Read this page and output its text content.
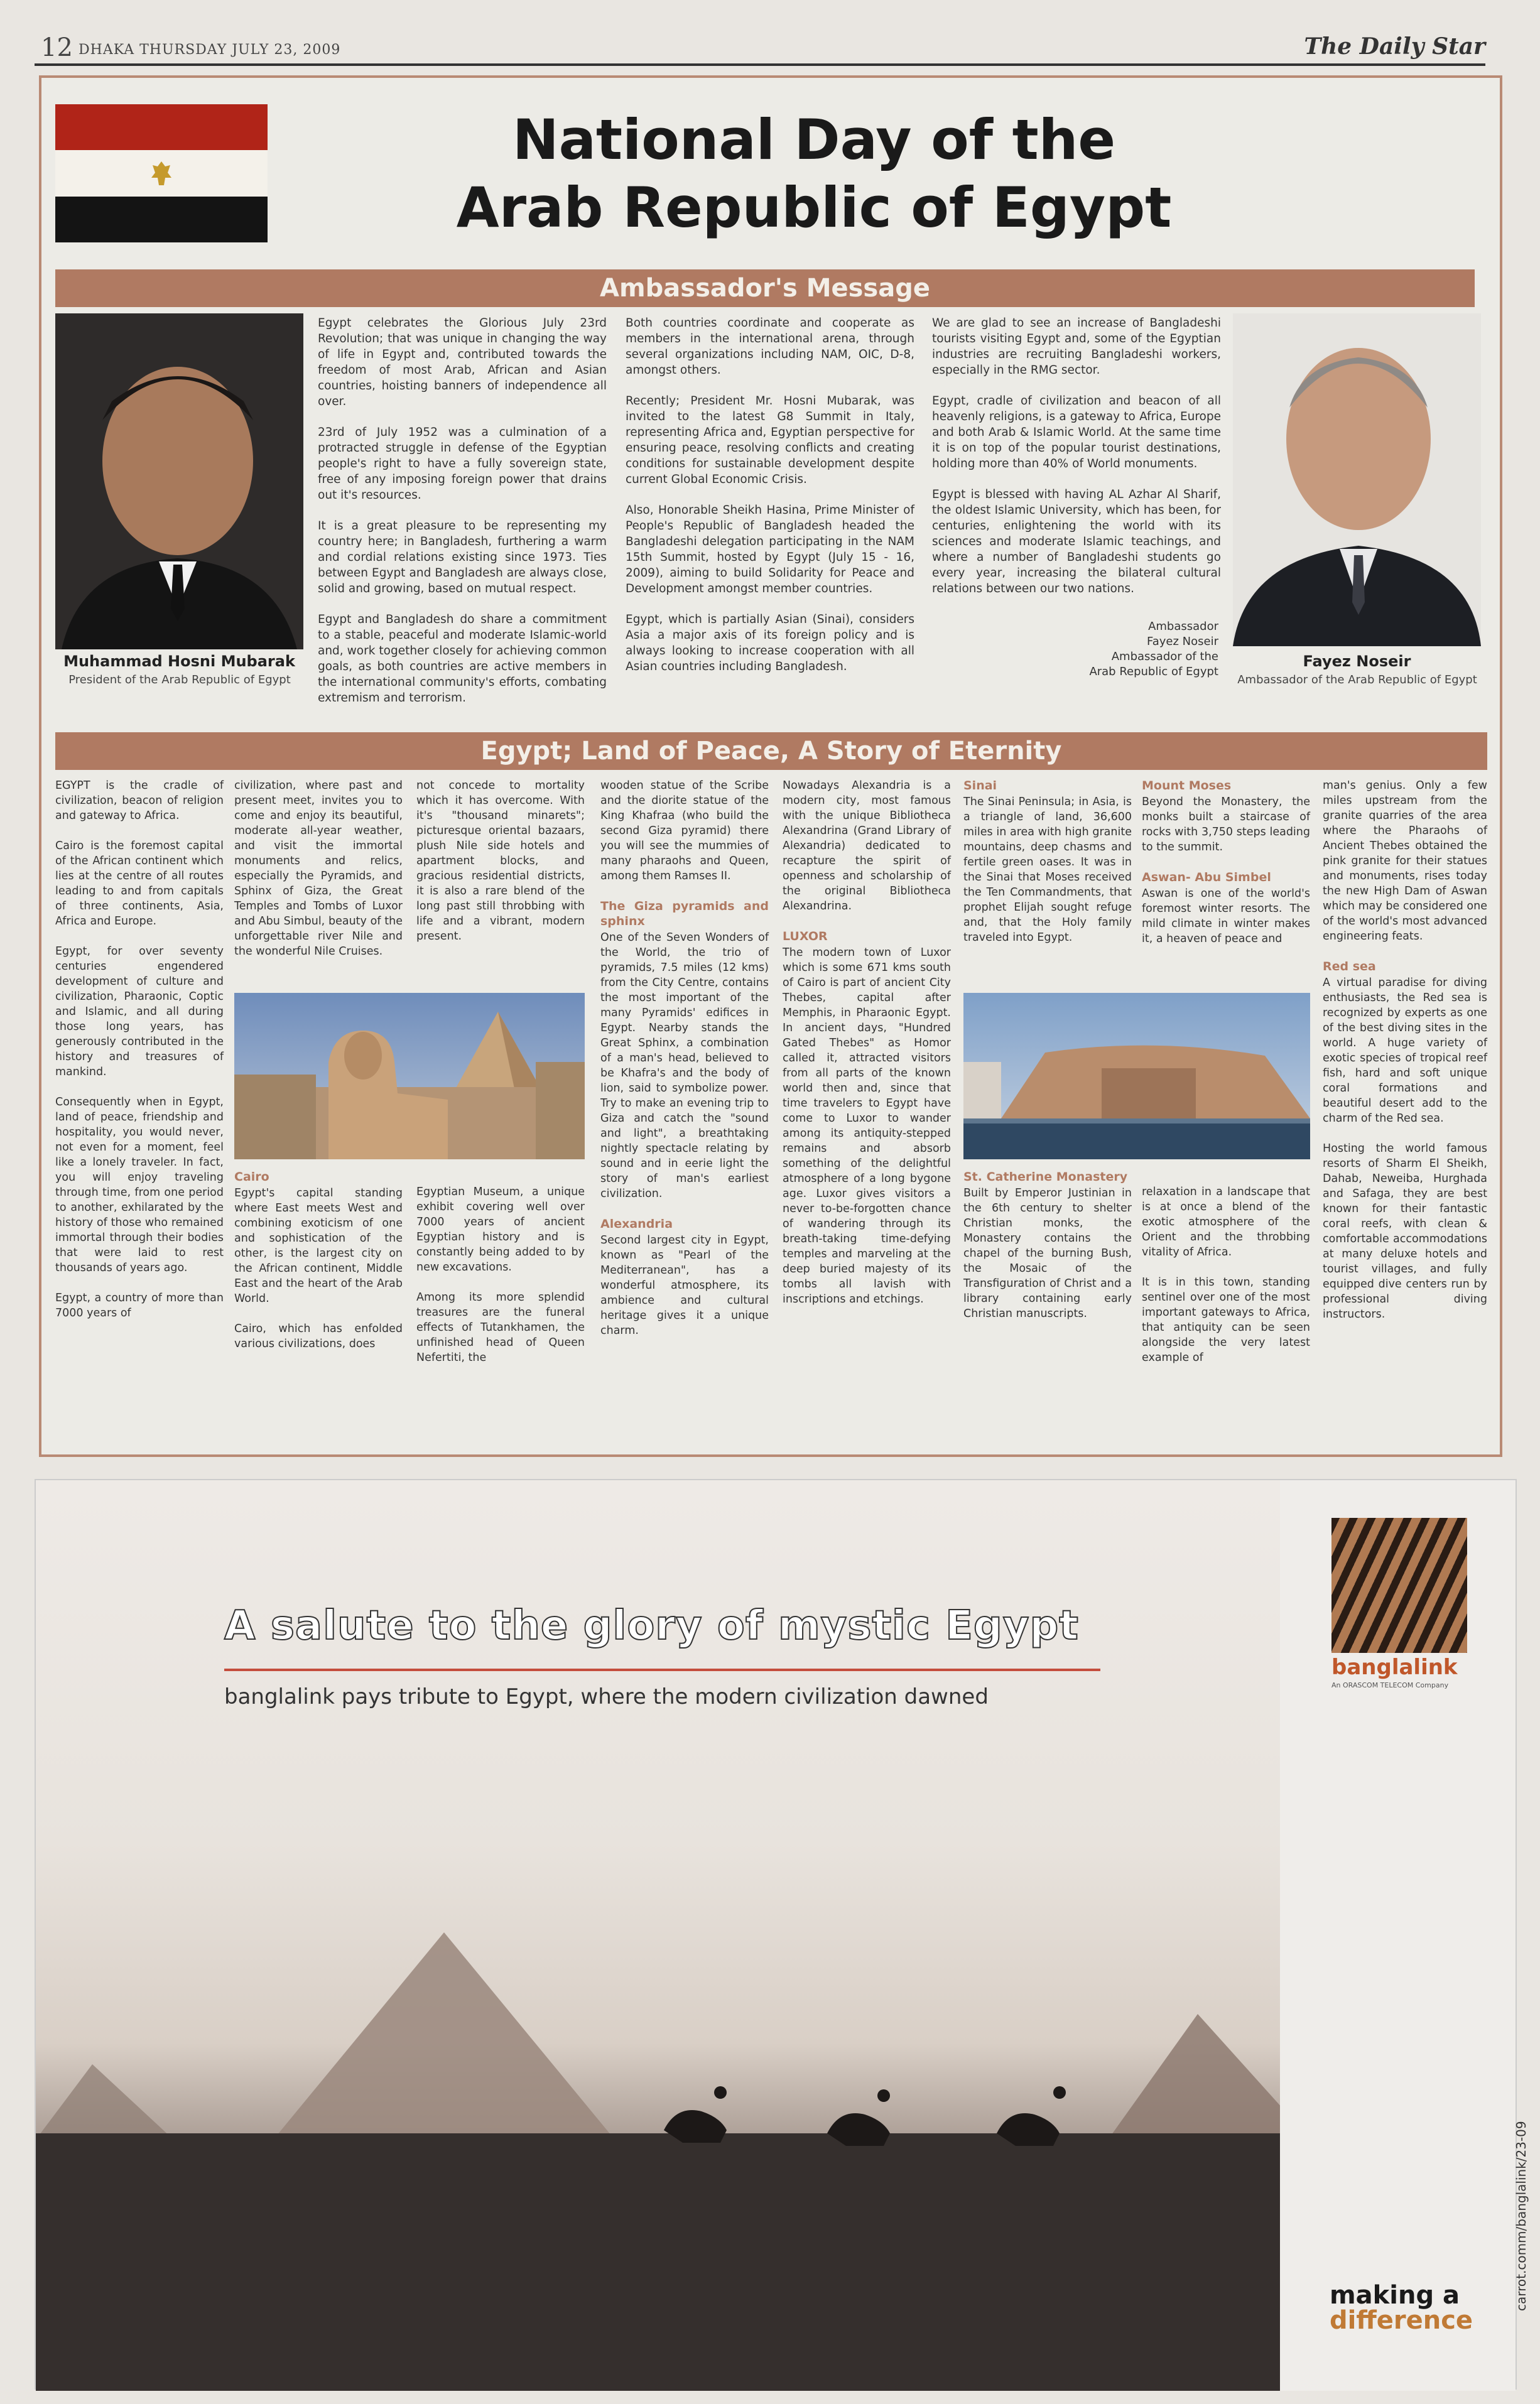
12 DHAKA THURSDAY JULY 23, 2009	The Daily Star
National Day of the
Arab Republic of Egypt
Ambassador's Message
Muhammad Hosni Mubarak
President of the Arab Republic of Egypt
Fayez Noseir
Ambassador of the Arab Republic of Egypt

Egypt celebrates the Glorious July 23rd Revolution; that was unique in changing the way of life in Egypt and, contributed towards the freedom of most Arab, African and Asian countries, hoisting banners of independence all over.

23rd of July 1952 was a culmination of a protracted struggle in defense of the Egyptian people's right to have a fully sovereign state, free of any imposing foreign power that drains out it's resources.

It is a great pleasure to be representing my country here; in Bangladesh, furthering a warm and cordial relations existing since 1973. Ties between Egypt and Bangladesh are always close, solid and growing, based on mutual respect.

Egypt and Bangladesh do share a commitment to a stable, peaceful and moderate Islamic-world and, work together closely for achieving common goals, as both countries are active members in the international community's efforts, combating extremism and terrorism.

Both countries coordinate and cooperate as members in the international arena, through several organizations including NAM, OIC, D-8, amongst others.

Recently; President Mr. Hosni Mubarak, was invited to the latest G8 Summit in Italy, representing Africa and, Egyptian perspective for ensuring peace, resolving conflicts and creating conditions for sustainable development despite current Global Economic Crisis.

Also, Honorable Sheikh Hasina, Prime Minister of People's Republic of Bangladesh headed the Bangladeshi delegation participating in the NAM 15th Summit, hosted by Egypt (July 15 - 16, 2009), aiming to build Solidarity for Peace and Development amongst member countries.

Egypt, which is partially Asian (Sinai), considers Asia a major axis of its foreign policy and is always looking to increase cooperation with all Asian countries including Bangladesh.

We are glad to see an increase of Bangladeshi tourists visiting Egypt and, some of the Egyptian industries are recruiting Bangladeshi workers, especially in the RMG sector.

Egypt, cradle of civilization and beacon of all heavenly religions, is a gateway to Africa, Europe and both Arab & Islamic World. At the same time it is on top of the popular tourist destinations, holding more than 40% of World monuments.

Egypt is blessed with having AL Azhar Al Sharif, the oldest Islamic University, which has been, for centuries, enlightening the world with its sciences and moderate Islamic teachings, and where a number of Bangladeshi students go every year, increasing the bilateral cultural relations between our two nations.

Ambassador
Fayez Noseir
Ambassador of the
Arab Republic of Egypt
Egypt; Land of Peace, A Story of Eternity

EGYPT is the cradle of civilization, beacon of religion and gateway to Africa.

Cairo is the foremost capital of the African continent which lies at the centre of all routes leading to and from capitals of three continents, Asia, Africa and Europe.

Egypt, for over seventy centuries engendered development of culture and civilization, Pharaonic, Coptic and Islamic, and all during those long years, has generously contributed in the history and treasures of mankind.

Consequently when in Egypt, land of peace, friendship and hospitality, you would never, not even for a moment, feel like a lonely traveler. In fact, you will enjoy traveling through time, from one period to another, exhilarated by the history of those who remained immortal through their bodies that were laid to rest thousands of years ago.

Egypt, a country of more than 7000 years of

civilization, where past and present meet, invites you to come and enjoy its beautiful, moderate all-year weather, and visit the immortal monuments and relics, especially the Pyramids, and Sphinx of Giza, the Great Temples and Tombs of Luxor and Abu Simbul, beauty of the unforgettable river Nile and the wonderful Nile Cruises.

not concede to mortality which it has overcome. With it's "thousand minarets"; picturesque oriental bazaars, plush Nile side hotels and apartment blocks, and gracious residential districts, it is also a rare blend of the long past still throbbing with life and a vibrant, modern present.

Cairo

Egypt's capital standing where East meets West and combining exoticism of one and sophistication of the other, is the largest city on the African continent, Middle East and the heart of the Arab World.

Cairo, which has enfolded various civilizations, does

Egyptian Museum, a unique exhibit covering well over 7000 years of ancient Egyptian history and is constantly being added to by new excavations.

Among its more splendid treasures are the funeral effects of Tutankhamen, the unfinished head of Queen Nefertiti, the

wooden statue of the Scribe and the diorite statue of the King Khafraa (who build the second Giza pyramid) there you will see the mummies of many pharaohs and Queen, among them Ramses II.

The Giza pyramids and sphinx

One of the Seven Wonders of the World, the trio of pyramids, 7.5 miles (12 kms) from the City Centre, contains the most important of the many Pyramids' edifices in Egypt. Nearby stands the Great Sphinx, a combination of a man's head, believed to be Khafra's and the body of lion, said to symbolize power. Try to make an evening trip to Giza and catch the "sound and light", a breathtaking nightly spectacle relating by sound and in eerie light the story of man's earliest civilization.

Alexandria

Second largest city in Egypt, known as "Pearl of the Mediterranean", has a wonderful atmosphere, its ambience and cultural heritage gives it a unique charm.

Nowadays Alexandria is a modern city, most famous with the unique Bibliotheca Alexandrina (Grand Library of Alexandria) dedicated to recapture the spirit of openness and scholarship of the original Bibliotheca Alexandrina.

LUXOR

The modern town of Luxor which is some 671 kms south of Cairo is part of ancient City Thebes, capital after Memphis, in Pharaonic Egypt. In ancient days, "Hundred Gated Thebes" as Homor called it, attracted visitors from all parts of the known world then and, since that time travelers to Egypt have come to Luxor to wander among its antiquity-stepped remains and absorb something of the delightful atmosphere of a long bygone age. Luxor gives visitors a never to-be-forgotten chance of wandering through its breath-taking time-defying temples and marveling at the deep buried majesty of its tombs all lavish with inscriptions and etchings.

Sinai

The Sinai Peninsula; in Asia, is a triangle of land, 36,600 miles in area with high granite mountains, deep chasms and fertile green oases. It was in the Sinai that Moses received the Ten Commandments, that prophet Elijah sought refuge and, that the Holy family traveled into Egypt.

Mount Moses

Beyond the Monastery, the monks built a staircase of rocks with 3,750 steps leading to the summit.

Aswan- Abu Simbel

Aswan is one of the world's foremost winter resorts. The mild climate in winter makes it, a heaven of peace and

St. Catherine Monastery

Built by Emperor Justinian in the 6th century to shelter Christian monks, the Monastery contains the chapel of the burning Bush, the Mosaic of the Transfiguration of Christ and a library containing early Christian manuscripts.

relaxation in a landscape that is at once a blend of the exotic atmosphere of the Orient and the throbbing vitality of Africa.

It is in this town, standing sentinel over one of the most important gateways to Africa, that antiquity can be seen alongside the very latest example of

man's genius. Only a few miles upstream from the granite quarries of the area where the Pharaohs of Ancient Thebes obtained the pink granite for their statues and monuments, rises today the new High Dam of Aswan which may be considered one of the world's most advanced engineering feats.

Red sea

A virtual paradise for diving enthusiasts, the Red sea is recognized by experts as one of the best diving sites in the world. A huge variety of exotic species of tropical reef fish, hard and soft unique coral formations and beautiful desert add to the charm of the Red sea.

Hosting the world famous resorts of Sharm El Sheikh, Dahab, Neweiba, Hurghada and Safaga, they are best known for their fantastic coral reefs, with clean & comfortable accommodations at many deluxe hotels and tourist villages, and fully equipped dive centers run by professional diving instructors.

A salute to the glory of mystic Egypt
banglalink pays tribute to Egypt, where the modern civilization dawned
banglalink
An ORASCOM TELECOM Company
making a
difference
carrot.comm/banglalink/23-09
